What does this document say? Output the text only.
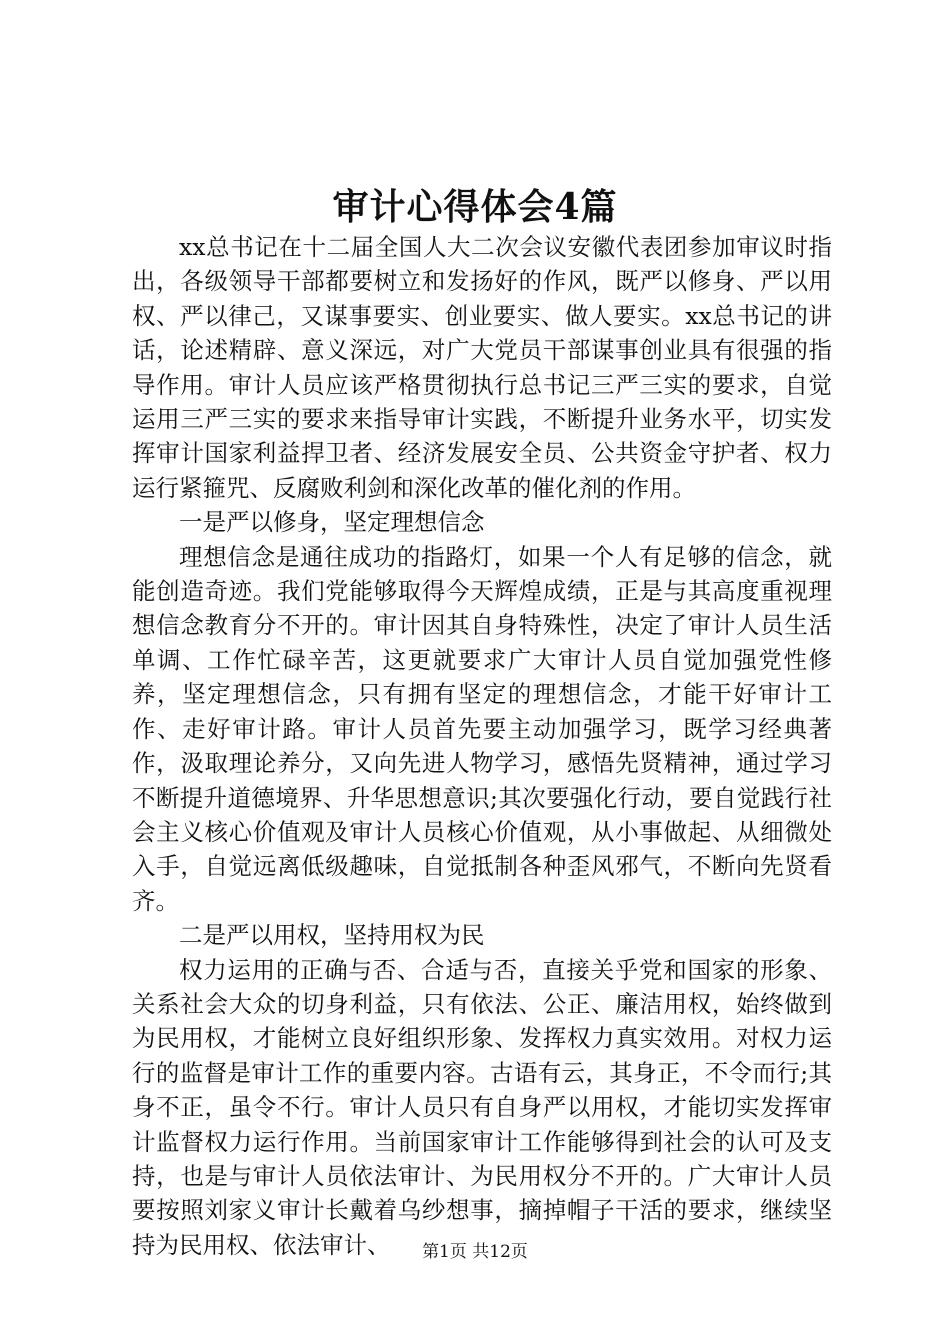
审计心得体会4篇

xx总书记在十二届全国人大二次会议安徽代表团参加审议时指出，各级领导干部都要树立和发扬好的作风，既严以修身、严以用权、严以律己，又谋事要实、创业要实、做人要实。xx总书记的讲话，论述精辟、意义深远，对广大党员干部谋事创业具有很强的指导作用。审计人员应该严格贯彻执行总书记三严三实的要求，自觉运用三严三实的要求来指导审计实践，不断提升业务水平，切实发挥审计国家利益捍卫者、经济发展安全员、公共资金守护者、权力运行紧箍咒、反腐败利剑和深化改革的催化剂的作用。

一是严以修身，坚定理想信念

理想信念是通往成功的指路灯，如果一个人有足够的信念，就能创造奇迹。我们党能够取得今天辉煌成绩，正是与其高度重视理想信念教育分不开的。审计因其自身特殊性，决定了审计人员生活单调、工作忙碌辛苦，这更就要求广大审计人员自觉加强党性修养，坚定理想信念，只有拥有坚定的理想信念，才能干好审计工作、走好审计路。审计人员首先要主动加强学习，既学习经典著作，汲取理论养分，又向先进人物学习，感悟先贤精神，通过学习不断提升道德境界、升华思想意识;其次要强化行动，要自觉践行社会主义核心价值观及审计人员核心价值观，从小事做起、从细微处入手，自觉远离低级趣味，自觉抵制各种歪风邪气，不断向先贤看齐。

二是严以用权，坚持用权为民

权力运用的正确与否、合适与否，直接关乎党和国家的形象、关系社会大众的切身利益，只有依法、公正、廉洁用权，始终做到为民用权，才能树立良好组织形象、发挥权力真实效用。对权力运行的监督是审计工作的重要内容。古语有云，其身正，不令而行;其身不正，虽令不行。审计人员只有自身严以用权，才能切实发挥审计监督权力运行作用。当前国家审计工作能够得到社会的认可及支持，也是与审计人员依法审计、为民用权分不开的。广大审计人员要按照刘家义审计长戴着乌纱想事，摘掉帽子干活的要求，继续坚持为民用权、依法审计、	第1页 共12页
